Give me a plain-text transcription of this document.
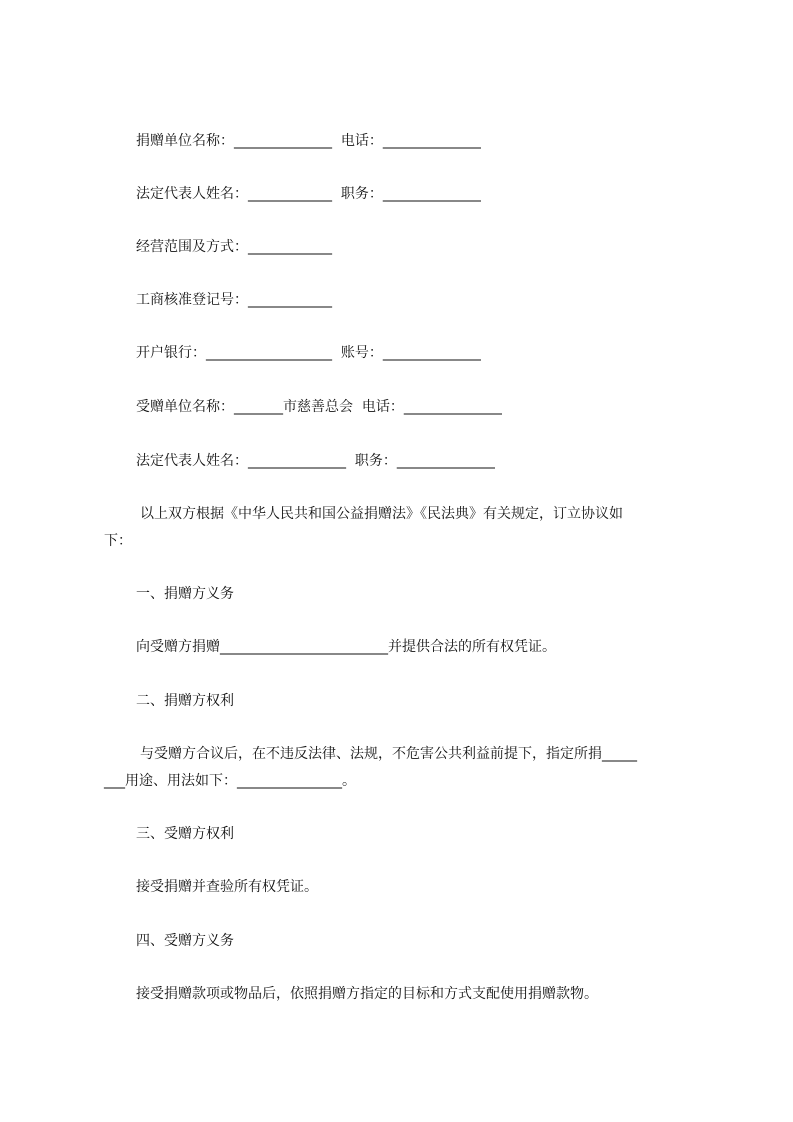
捐赠单位名称：______________  电话：______________
法定代表人姓名：____________  职务：______________
经营范围及方式：____________
工商核准登记号：____________
开户银行：__________________  账号：______________
受赠单位名称：_______市慈善总会  电话：______________
法定代表人姓名：______________  职务：______________
以上双方根据《中华人民共和国公益捐赠法》《民法典》有关规定，订立协议如
下：
一、捐赠方义务
向受赠方捐赠________________________并提供合法的所有权凭证。
二、捐赠方权利
与受赠方合议后，在不违反法律、法规，不危害公共利益前提下，指定所捐_____
___用途、用法如下：_______________。
三、受赠方权利
接受捐赠并查验所有权凭证。
四、受赠方义务
接受捐赠款项或物品后，依照捐赠方指定的目标和方式支配使用捐赠款物。
